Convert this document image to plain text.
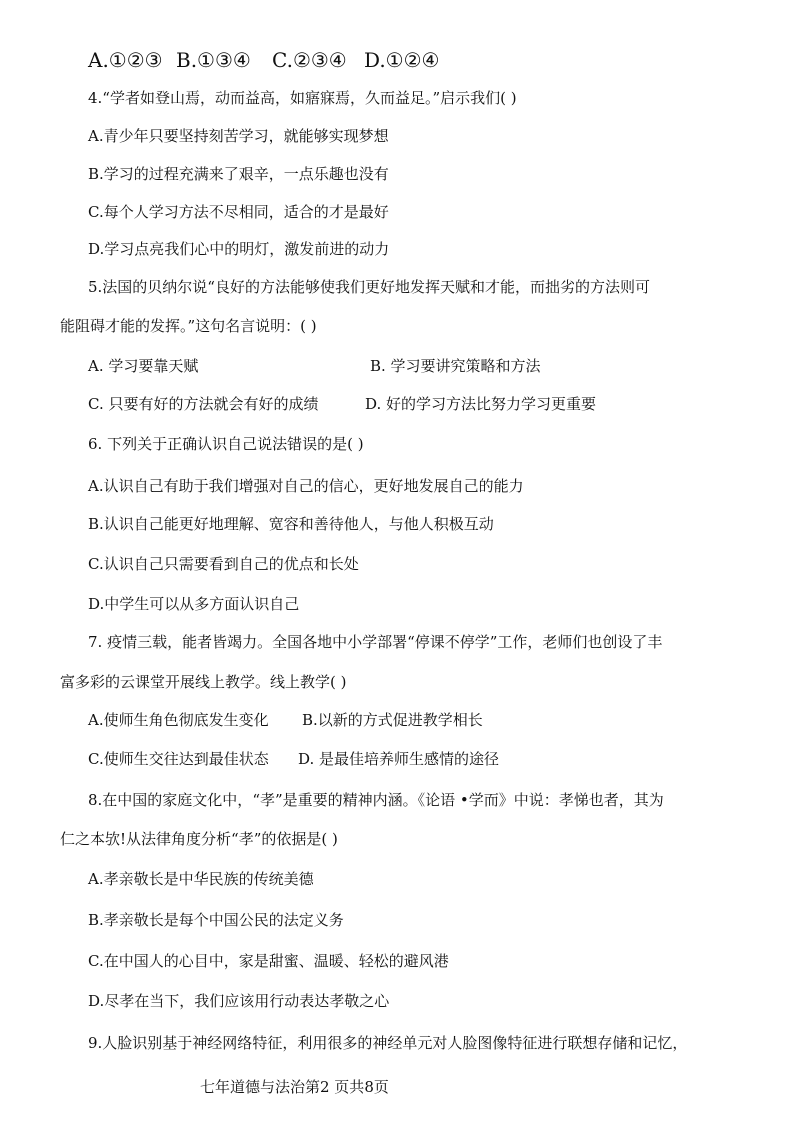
A.①②③ B.①③④ C.②③④ D.①②④
4.“学者如登山焉，动而益高，如寤寐焉，久而益足。”启示我们( )
A.青少年只要坚持刻苦学习，就能够实现梦想
B.学习的过程充满来了艰辛，一点乐趣也没有
C.每个人学习方法不尽相同，适合的才是最好
D.学习点亮我们心中的明灯，激发前进的动力
5.法国的贝纳尔说“良好的方法能够使我们更好地发挥天赋和才能，而拙劣的方法则可
能阻碍才能的发挥。”这句名言说明：( )
A. 学习要靠天赋	B. 学习要讲究策略和方法
C. 只要有好的方法就会有好的成绩	D. 好的学习方法比努力学习更重要
6. 下列关于正确认识自己说法错误的是( )
A.认识自己有助于我们增强对自己的信心，更好地发展自己的能力
B.认识自己能更好地理解、宽容和善待他人，与他人积极互动
C.认识自己只需要看到自己的优点和长处
D.中学生可以从多方面认识自己
7. 疫情三载，能者皆竭力。全国各地中小学部署“停课不停学”工作，老师们也创设了丰
富多彩的云课堂开展线上教学。线上教学( )
A.使师生角色彻底发生变化 B.以新的方式促进教学相长
C.使师生交往达到最佳状态 D. 是最佳培养师生感情的途径
8.在中国的家庭文化中，“孝”是重要的精神内涵。《论语 •学而》中说：孝悌也者，其为
仁之本欤!从法律角度分析“孝”的依据是( )
A.孝亲敬长是中华民族的传统美德
B.孝亲敬长是每个中国公民的法定义务
C.在中国人的心目中，家是甜蜜、温暖、轻松的避风港
D.尽孝在当下，我们应该用行动表达孝敬之心
9.人脸识别基于神经网络特征，利用很多的神经单元对人脸图像特征进行联想存储和记忆，
七年道德与法治第2 页共8页
